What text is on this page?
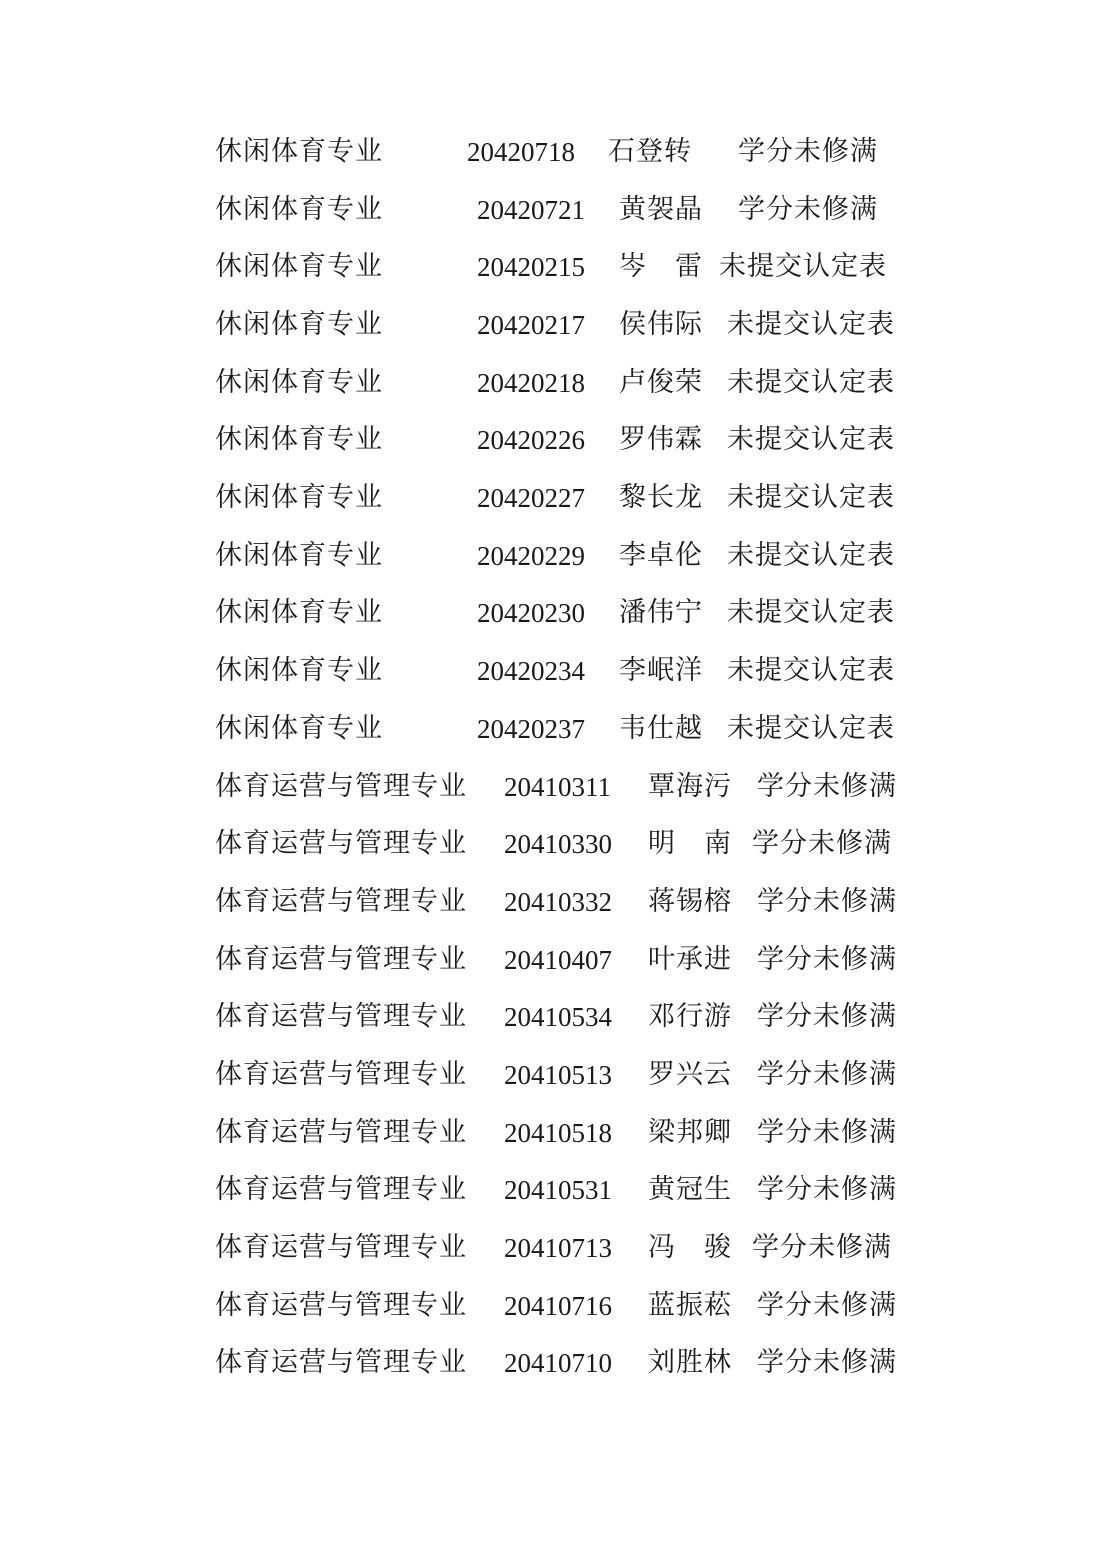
休闲体育专业	20420718 石登转 学分未修满
休闲体育专业	20420721 黄袈晶 学分未修满
休闲体育专业	20420215 岑　雷 未提交认定表
休闲体育专业	20420217 侯伟际 未提交认定表
休闲体育专业	20420218 卢俊荣 未提交认定表
休闲体育专业	20420226 罗伟霖 未提交认定表
休闲体育专业	20420227 黎长龙 未提交认定表
休闲体育专业	20420229 李卓伦 未提交认定表
休闲体育专业	20420230 潘伟宁 未提交认定表
休闲体育专业	20420234 李岷洋 未提交认定表
休闲体育专业	20420237 韦仕越 未提交认定表
体育运营与管理专业 20410311 覃海污 学分未修满
体育运营与管理专业 20410330 明　南 学分未修满
体育运营与管理专业 20410332 蒋锡榕 学分未修满
体育运营与管理专业 20410407 叶承进 学分未修满
体育运营与管理专业 20410534 邓行游 学分未修满
体育运营与管理专业 20410513 罗兴云 学分未修满
体育运营与管理专业 20410518 梁邦卿 学分未修满
体育运营与管理专业 20410531 黄冠生 学分未修满
体育运营与管理专业 20410713 冯　骏 学分未修满
体育运营与管理专业 20410716 蓝振菘 学分未修满
体育运营与管理专业 20410710 刘胜林 学分未修满
